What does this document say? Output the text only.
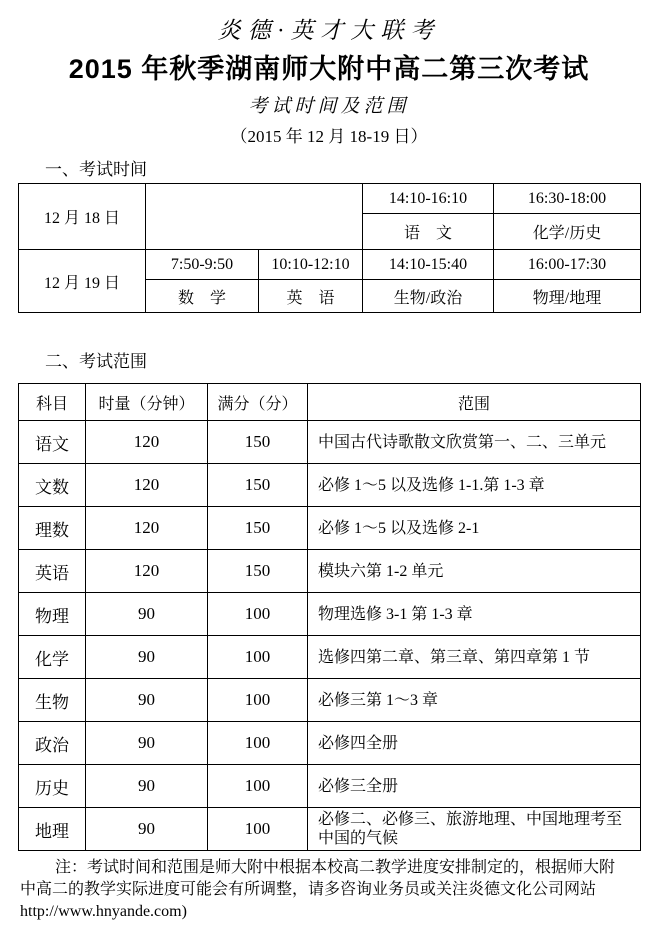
炎德·英才大联考
2015 年秋季湖南师大附中高二第三次考试
考试时间及范围
（2015 年 12 月 18-19 日）
一、考试时间
12 月 18 日			14:10-16:10	16:30-18:00
			语　文	化学/历史
12 月 19 日	7:50-9:50	10:10-12:10	14:10-15:40	16:00-17:30
	数　学	英　语	生物/政治	物理/地理
二、考试范围
科目	时量（分钟）	满分（分）	范围
语文	120	150	中国古代诗歌散文欣赏第一、二、三单元
文数	120	150	必修 1～5 以及选修 1-1.第 1-3 章
理数	120	150	必修 1～5 以及选修 2-1
英语	120	150	模块六第 1-2 单元
物理	90	100	物理选修 3-1 第 1-3 章
化学	90	100	选修四第二章、第三章、第四章第 1 节
生物	90	100	必修三第 1～3 章
政治	90	100	必修四全册
历史	90	100	必修三全册
地理	90	100	必修二、必修三、旅游地理、中国地理考至中国的气候
注：考试时间和范围是师大附中根据本校高二教学进度安排制定的，根据师大附
中高二的教学实际进度可能会有所调整，请多咨询业务员或关注炎德文化公司网站
http://www.hnyande.com)
